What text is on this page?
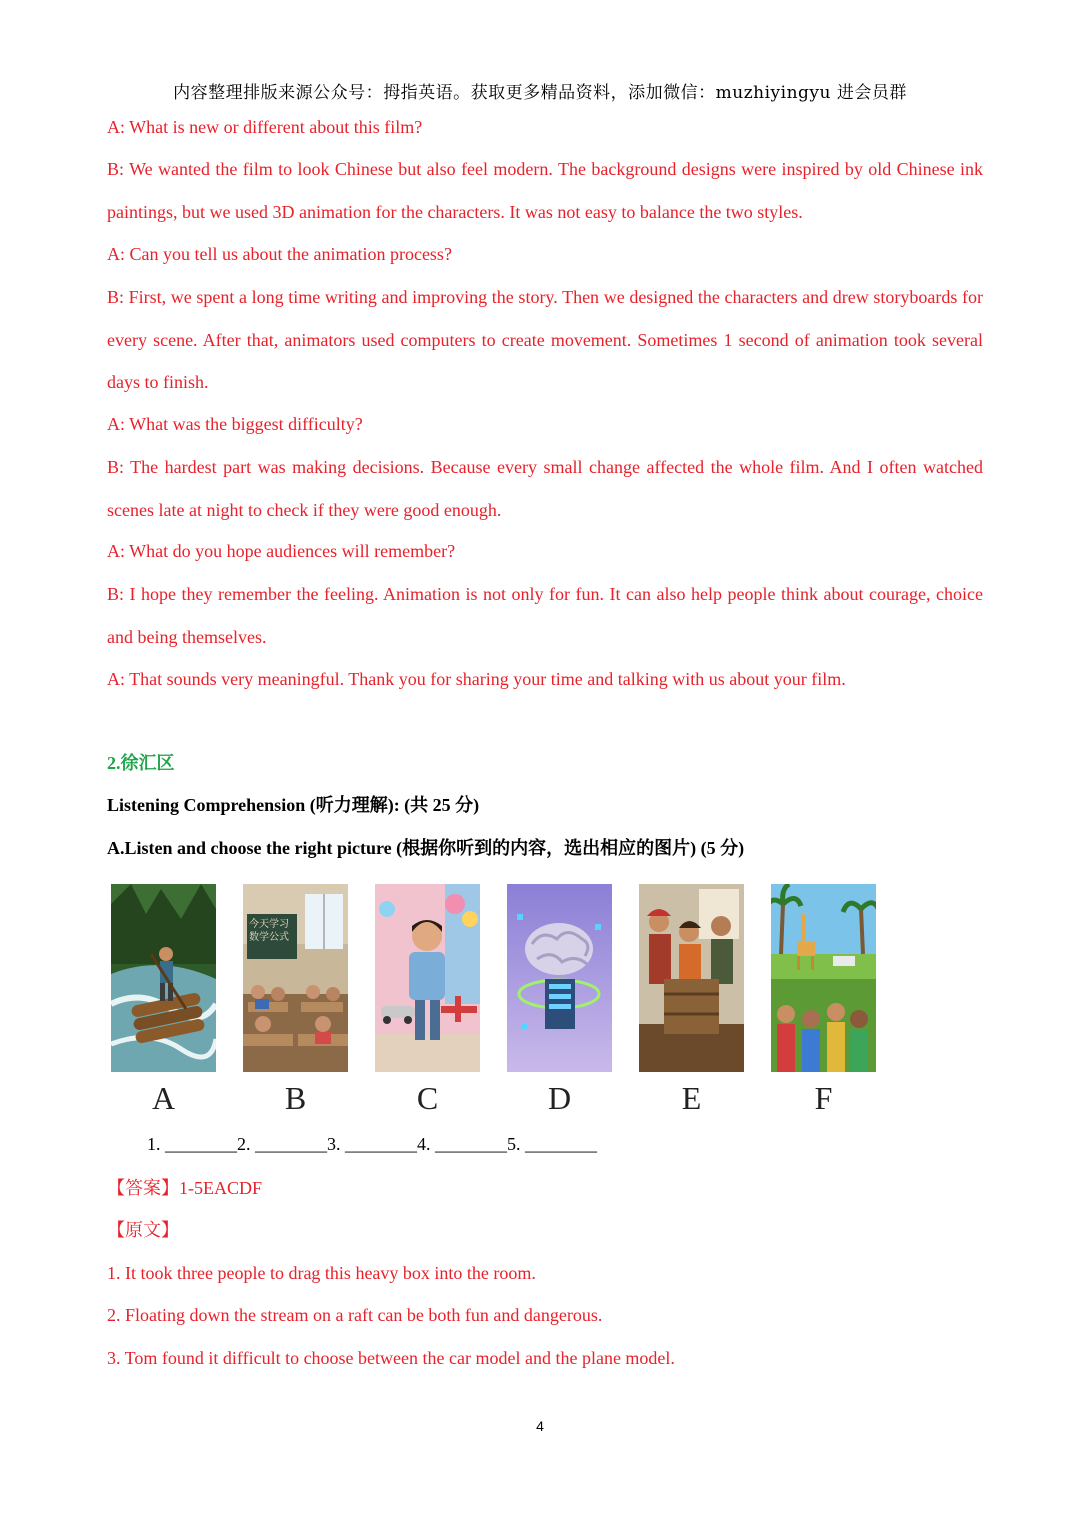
内容整理排版来源公众号：拇指英语。获取更多精品资料，添加微信：muzhiyingyu 进会员群
A: What is new or different about this film?
B: We wanted the film to look Chinese but also feel modern. The background designs were inspired by old Chinese ink paintings, but we used 3D animation for the characters. It was not easy to balance the two styles.
A: Can you tell us about the animation process?
B: First, we spent a long time writing and improving the story. Then we designed the characters and drew storyboards for every scene. After that, animators used computers to create movement. Sometimes 1 second of animation took several days to finish.
A: What was the biggest difficulty?
B: The hardest part was making decisions. Because every small change affected the whole film. And I often watched scenes late at night to check if they were good enough.
A: What do you hope audiences will remember?
B: I hope they remember the feeling. Animation is not only for fun. It can also help people think about courage, choice and being themselves.
A: That sounds very meaningful. Thank you for sharing your time and talking with us about your film.
2.徐汇区
Listening Comprehension (听力理解): (共 25 分)
A.Listen and choose the right picture (根据你听到的内容，选出相应的图片) (5 分)
A
今天学习数学公式
B	C	D	E	F
1. ________2. ________3. ________4. ________5. ________
【答案】1-5EACDF
【原文】
1. It took three people to drag this heavy box into the room.
2. Floating down the stream on a raft can be both fun and dangerous.
3. Tom found it difficult to choose between the car model and the plane model.
4
